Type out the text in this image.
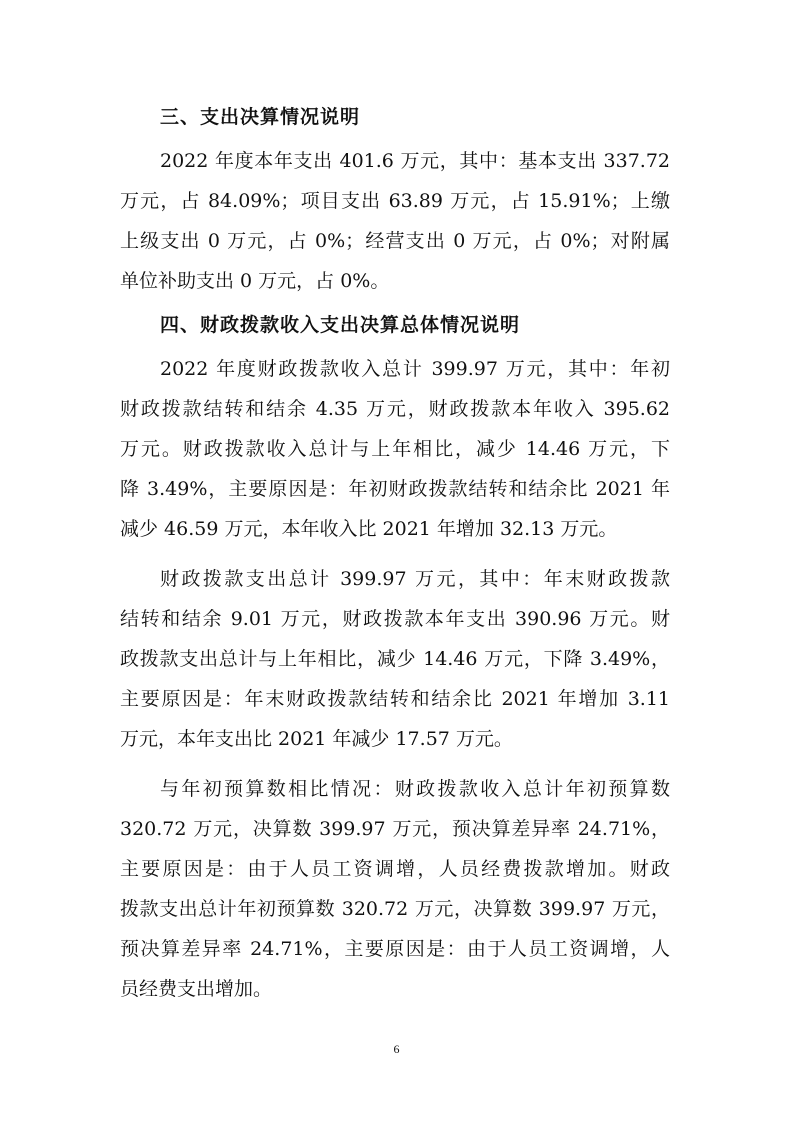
三、支出决算情况说明
2022 年度本年支出 401.6 万元，其中：基本支出 337.72
万元，占 84.09%；项目支出 63.89 万元，占 15.91%；上缴
上级支出 0 万元，占 0%；经营支出 0 万元，占 0%；对附属
单位补助支出 0 万元，占 0%。
四、财政拨款收入支出决算总体情况说明
2022 年度财政拨款收入总计 399.97 万元，其中：年初
财政拨款结转和结余 4.35 万元，财政拨款本年收入 395.62
万元。财政拨款收入总计与上年相比，减少 14.46 万元，下
降 3.49%，主要原因是：年初财政拨款结转和结余比 2021 年
减少 46.59 万元，本年收入比 2021 年增加 32.13 万元。
财政拨款支出总计 399.97 万元，其中：年末财政拨款
结转和结余 9.01 万元，财政拨款本年支出 390.96 万元。财
政拨款支出总计与上年相比，减少 14.46 万元，下降 3.49%，
主要原因是：年末财政拨款结转和结余比 2021 年增加 3.11
万元，本年支出比 2021 年减少 17.57 万元。
与年初预算数相比情况：财政拨款收入总计年初预算数
320.72 万元，决算数 399.97 万元，预决算差异率 24.71%，
主要原因是：由于人员工资调增，人员经费拨款增加。财政
拨款支出总计年初预算数 320.72 万元，决算数 399.97 万元，
预决算差异率 24.71%，主要原因是：由于人员工资调增，人
员经费支出增加。
6
